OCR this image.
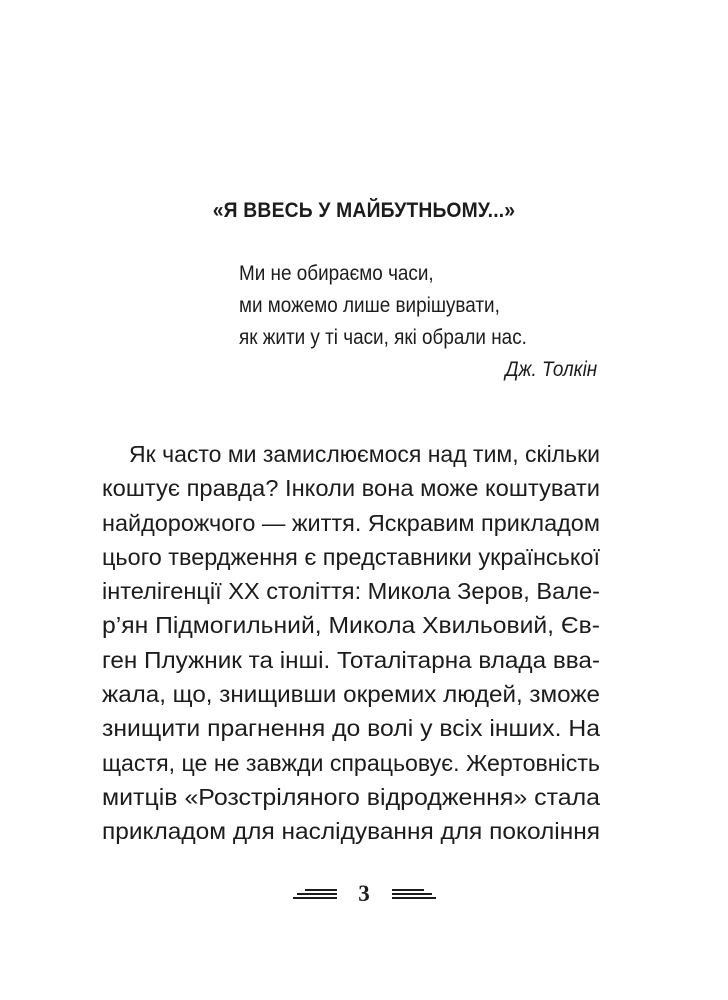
«Я ВВЕСЬ У МАЙБУТНЬОМУ...»
Ми не обираємо часи,
ми можемо лише вирішувати,
як жити у ті часи, які обрали нас.
Дж. Толкін
Як часто ми замислюємося над тим, скільки
коштує правда? Інколи вона може коштувати
найдорожчого — життя. Яскравим прикладом
цього твердження є представники української
інтелігенції ХХ століття: Микола Зеров, Вале-
р’ян Підмогильний, Микола Хвильовий, Єв-
ген Плужник та інші. Тоталітарна влада вва-
жала, що, знищивши окремих людей, зможе
знищити прагнення до волі у всіх інших. На
щастя, це не завжди спрацьовує. Жертовність
митців «Розстріляного відродження» стала
прикладом для наслідування для покоління
3
